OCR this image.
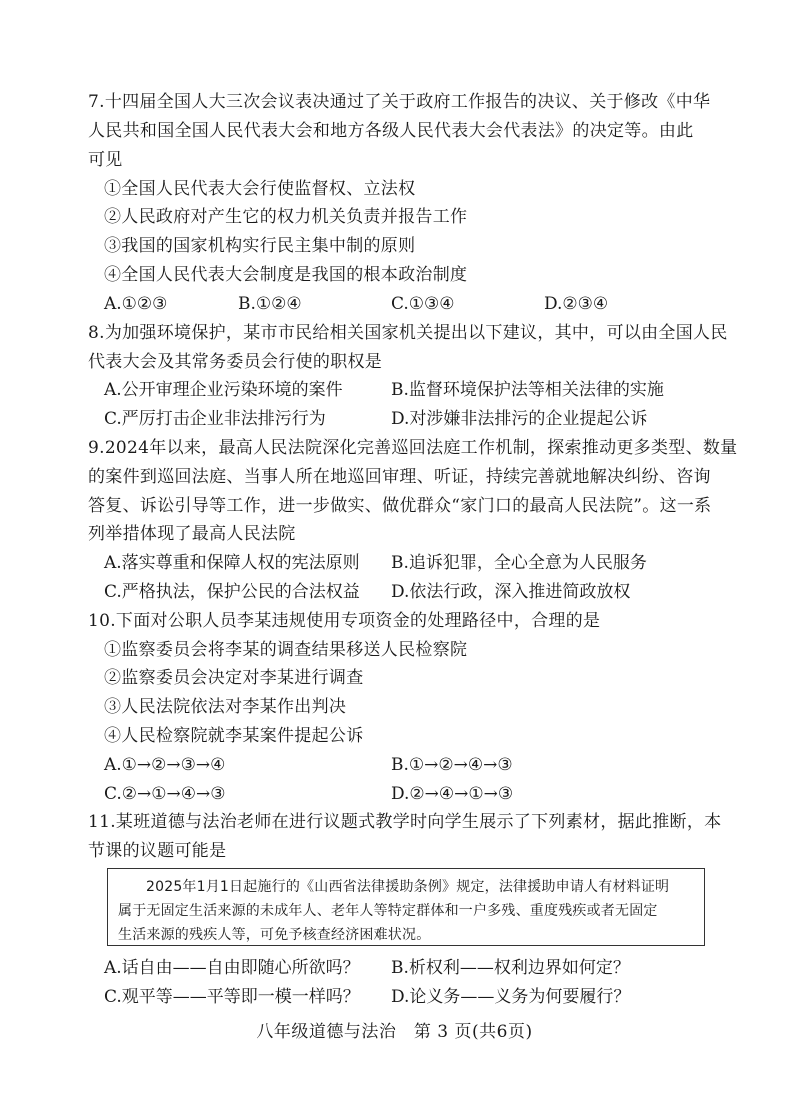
7.十四届全国人大三次会议表决通过了关于政府工作报告的决议、关于修改《中华
人民共和国全国人民代表大会和地方各级人民代表大会代表法》的决定等。由此
可见
①全国人民代表大会行使监督权、立法权
②人民政府对产生它的权力机关负责并报告工作
③我国的国家机构实行民主集中制的原则
④全国人民代表大会制度是我国的根本政治制度
A.①②③	B.①②④	C.①③④	D.②③④
8.为加强环境保护，某市市民给相关国家机关提出以下建议，其中，可以由全国人民
代表大会及其常务委员会行使的职权是
A.公开审理企业污染环境的案件	B.监督环境保护法等相关法律的实施
C.严厉打击企业非法排污行为	D.对涉嫌非法排污的企业提起公诉
9.2024年以来，最高人民法院深化完善巡回法庭工作机制，探索推动更多类型、数量
的案件到巡回法庭、当事人所在地巡回审理、听证，持续完善就地解决纠纷、咨询
答复、诉讼引导等工作，进一步做实、做优群众“家门口的最高人民法院”。这一系
列举措体现了最高人民法院
A.落实尊重和保障人权的宪法原则 B.追诉犯罪，全心全意为人民服务
C.严格执法，保护公民的合法权益 D.依法行政，深入推进简政放权
10.下面对公职人员李某违规使用专项资金的处理路径中，合理的是
①监察委员会将李某的调查结果移送人民检察院
②监察委员会决定对李某进行调查
③人民法院依法对李某作出判决
④人民检察院就李某案件提起公诉
A.①→②→③→④	B.①→②→④→③
C.②→①→④→③	D.②→④→①→③
11.某班道德与法治老师在进行议题式教学时向学生展示了下列素材，据此推断，本
节课的议题可能是
2025年1月1日起施行的《山西省法律援助条例》规定，法律援助申请人有材料证明
属于无固定生活来源的未成年人、老年人等特定群体和一户多残、重度残疾或者无固定
生活来源的残疾人等，可免予核查经济困难状况。
A.话自由——自由即随心所欲吗？ B.析权利——权利边界如何定？
C.观平等——平等即一模一样吗？ D.论义务——义务为何要履行？
八年级道德与法治　第 3 页(共6页)
